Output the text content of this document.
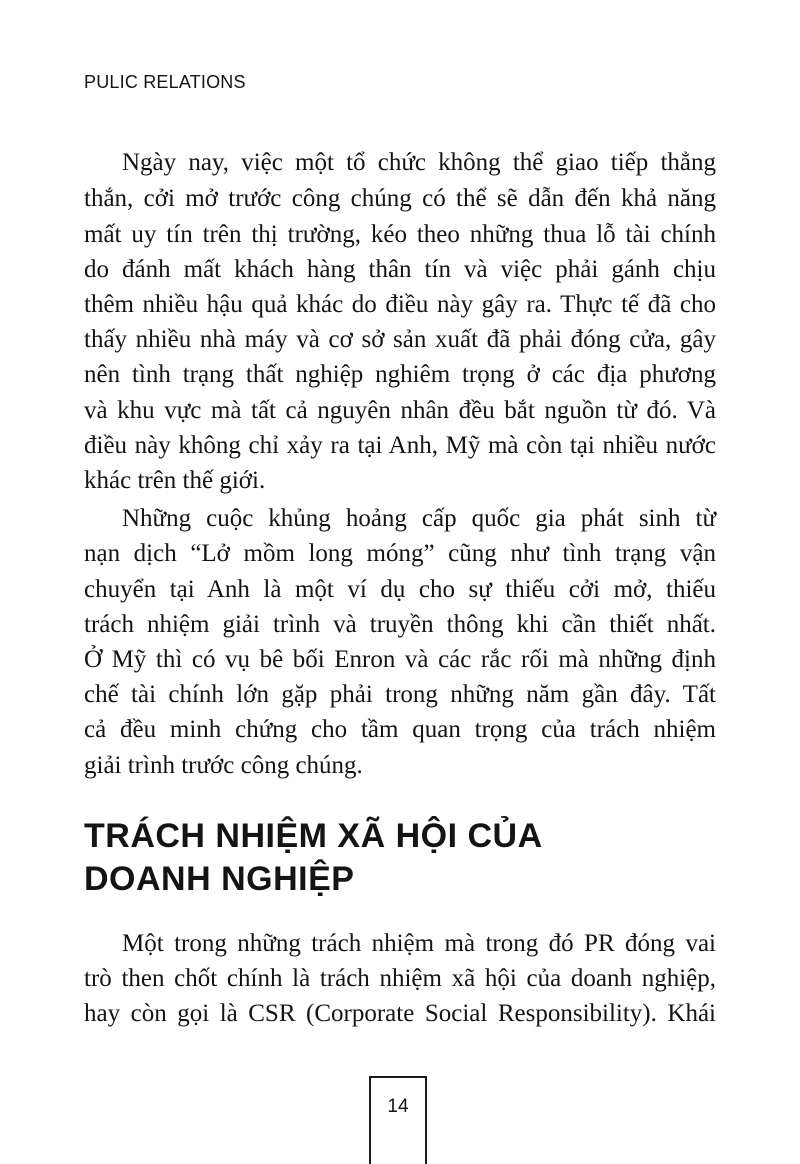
PULIC RELATIONS
Ngày nay, việc một tổ chức không thể giao tiếp thẳng
thắn, cởi mở trước công chúng có thể sẽ dẫn đến khả năng
mất uy tín trên thị trường, kéo theo những thua lỗ tài chính
do đánh mất khách hàng thân tín và việc phải gánh chịu
thêm nhiều hậu quả khác do điều này gây ra. Thực tế đã cho
thấy nhiều nhà máy và cơ sở sản xuất đã phải đóng cửa, gây
nên tình trạng thất nghiệp nghiêm trọng ở các địa phương
và khu vực mà tất cả nguyên nhân đều bắt nguồn từ đó. Và
điều này không chỉ xảy ra tại Anh, Mỹ mà còn tại nhiều nước
khác trên thế giới.
Những cuộc khủng hoảng cấp quốc gia phát sinh từ
nạn dịch “Lở mồm long móng” cũng như tình trạng vận
chuyển tại Anh là một ví dụ cho sự thiếu cởi mở, thiếu
trách nhiệm giải trình và truyền thông khi cần thiết nhất.
Ở Mỹ thì có vụ bê bối Enron và các rắc rối mà những định
chế tài chính lớn gặp phải trong những năm gần đây. Tất
cả đều minh chứng cho tầm quan trọng của trách nhiệm
giải trình trước công chúng.
TRÁCH NHIỆM XÃ HỘI CỦA
DOANH NGHIỆP
Một trong những trách nhiệm mà trong đó PR đóng vai
trò then chốt chính là trách nhiệm xã hội của doanh nghiệp,
hay còn gọi là CSR (Corporate Social Responsibility). Khái
14
